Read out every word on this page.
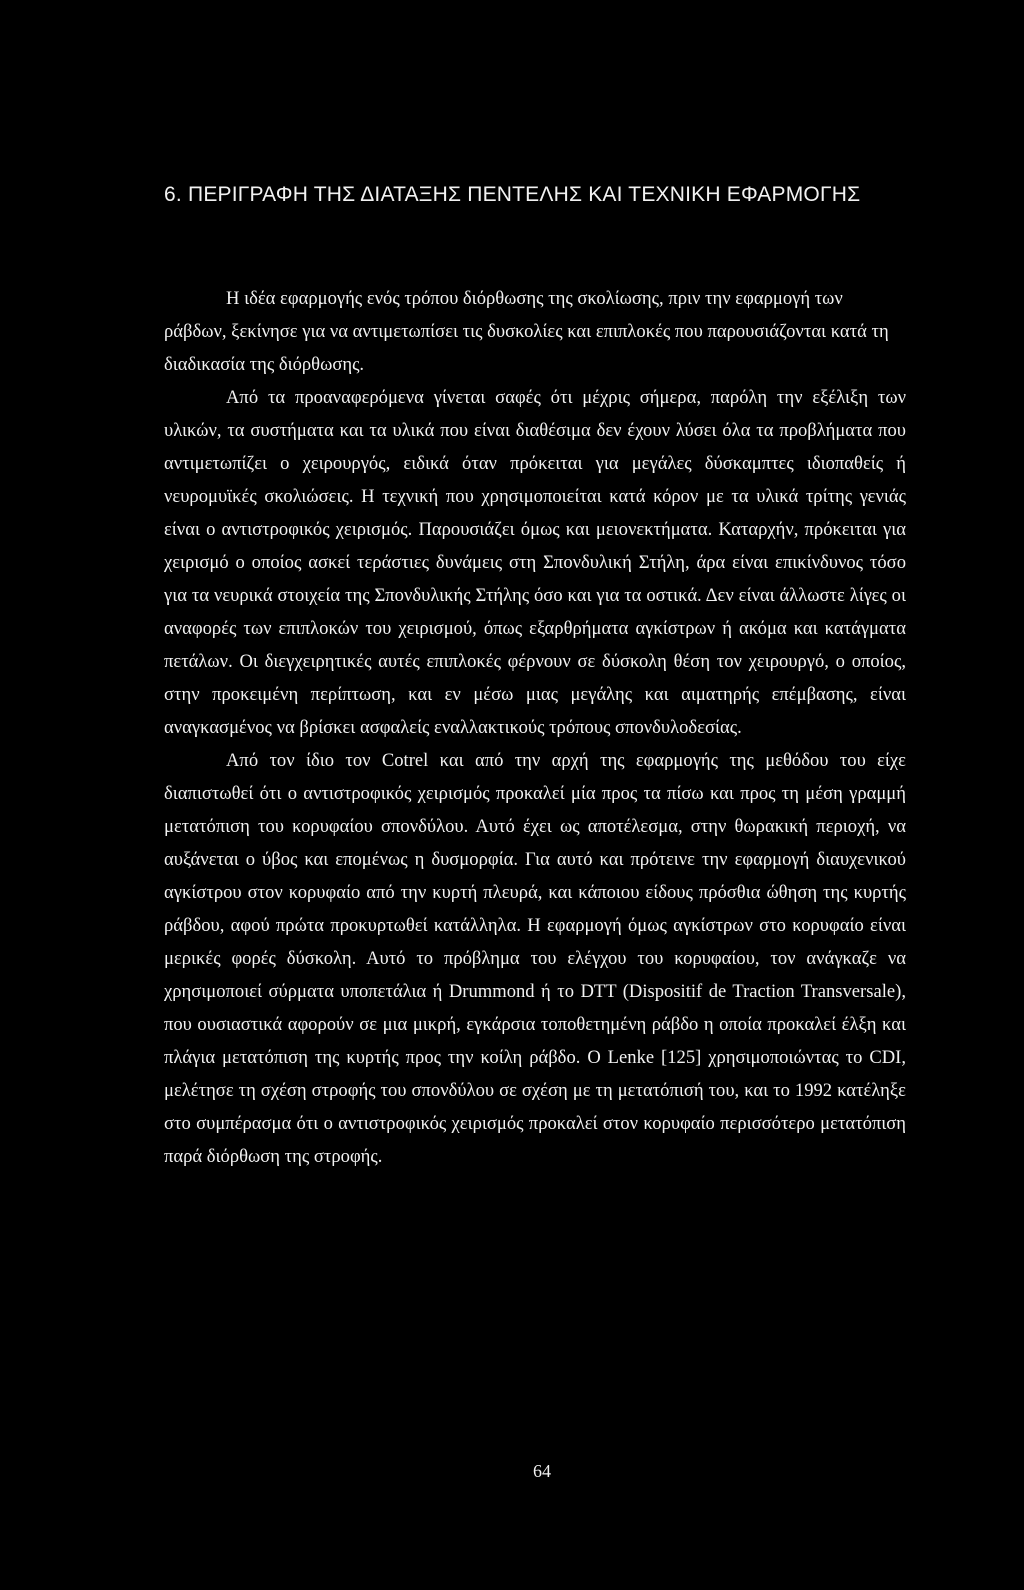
6. ΠΕΡΙΓΡΑΦΗ ΤΗΣ ΔΙΑΤΑΞΗΣ ΠΕΝΤΕΛΗΣ ΚΑΙ ΤΕΧΝΙΚΗ ΕΦΑΡΜΟΓΗΣ

Η ιδέα εφαρμογής ενός τρόπου διόρθωσης της σκολίωσης, πριν την εφαρμογή των ράβδων, ξεκίνησε για να αντιμετωπίσει τις δυσκολίες και επιπλοκές που παρουσιάζονται κατά τη διαδικασία της διόρθωσης.

Από τα προαναφερόμενα γίνεται σαφές ότι μέχρις σήμερα, παρόλη την εξέλιξη των υλικών, τα συστήματα και τα υλικά που είναι διαθέσιμα δεν έχουν λύσει όλα τα προβλήματα που αντιμετωπίζει ο χειρουργός, ειδικά όταν πρόκειται για μεγάλες δύσκαμπτες ιδιοπαθείς ή νευρομυϊκές σκολιώσεις. Η τεχνική που χρησιμοποιείται κατά κόρον με τα υλικά τρίτης γενιάς είναι ο αντιστροφικός χειρισμός. Παρουσιάζει όμως και μειονεκτήματα. Καταρχήν, πρόκειται για χειρισμό ο οποίος ασκεί τεράστιες δυνάμεις στη Σπονδυλική Στήλη, άρα είναι επικίνδυνος τόσο για τα νευρικά στοιχεία της Σπονδυλικής Στήλης όσο και για τα οστικά. Δεν είναι άλλωστε λίγες οι αναφορές των επιπλοκών του χειρισμού, όπως εξαρθρήματα αγκίστρων ή ακόμα και κατάγματα πετάλων. Οι διεγχειρητικές αυτές επιπλοκές φέρνουν σε δύσκολη θέση τον χειρουργό, ο οποίος, στην προκειμένη περίπτωση, και εν μέσω μιας μεγάλης και αιματηρής επέμβασης, είναι αναγκασμένος να βρίσκει ασφαλείς εναλλακτικούς τρόπους σπονδυλοδεσίας.

Από τον ίδιο τον Cotrel και από την αρχή της εφαρμογής της μεθόδου του είχε διαπιστωθεί ότι ο αντιστροφικός χειρισμός προκαλεί μία προς τα πίσω και προς τη μέση γραμμή μετατόπιση του κορυφαίου σπονδύλου. Αυτό έχει ως αποτέλεσμα, στην θωρακική περιοχή, να αυξάνεται ο ύβος και επομένως η δυσμορφία. Για αυτό και πρότεινε την εφαρμογή διαυχενικού αγκίστρου στον κορυφαίο από την κυρτή πλευρά, και κάποιου είδους πρόσθια ώθηση της κυρτής ράβδου, αφού πρώτα προκυρτωθεί κατάλληλα. Η εφαρμογή όμως αγκίστρων στο κορυφαίο είναι μερικές φορές δύσκολη. Αυτό το πρόβλημα του ελέγχου του κορυφαίου, τον ανάγκαζε να χρησιμοποιεί σύρματα υποπετάλια ή Drummond ή το DTT (Dispositif de Traction Transversale), που ουσιαστικά αφορούν σε μια μικρή, εγκάρσια τοποθετημένη ράβδο η οποία προκαλεί έλξη και πλάγια μετατόπιση της κυρτής προς την κοίλη ράβδο. Ο Lenke [125] χρησιμοποιώντας το CDI, μελέτησε τη σχέση στροφής του σπονδύλου σε σχέση με τη μετατόπισή του, και το 1992 κατέληξε στο συμπέρασμα ότι ο αντιστροφικός χειρισμός προκαλεί στον κορυφαίο περισσότερο μετατόπιση παρά διόρθωση της στροφής.

64
